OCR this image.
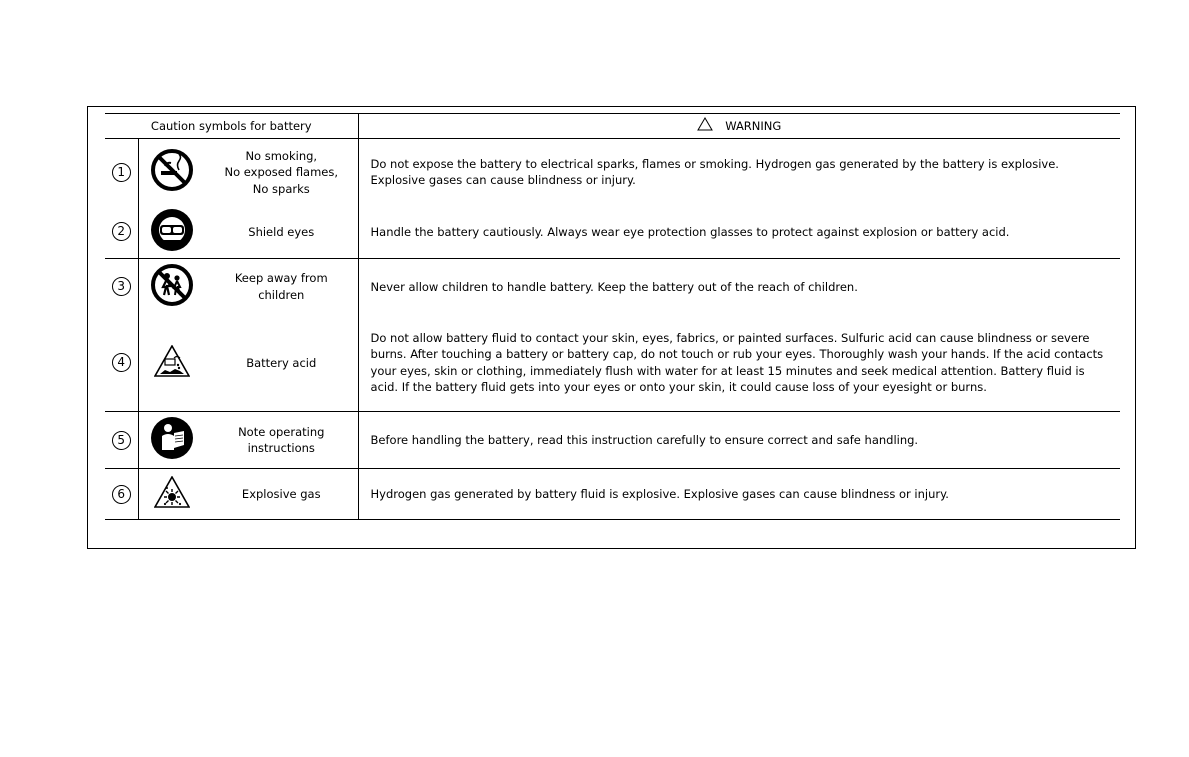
Caution symbols for battery			WARNING
1		No smoking,
No exposed flames,
No sparks	Do not expose the battery to electrical sparks, flames or smoking. Hydrogen gas generated by the battery is explosive. Explosive gases can cause blindness or injury.
2		Shield eyes	Handle the battery cautiously. Always wear eye protection glasses to protect against explosion or battery acid.
3		Keep away from
children	Never allow children to handle battery. Keep the battery out of the reach of children.
4		Battery acid	Do not allow battery fluid to contact your skin, eyes, fabrics, or painted surfaces. Sulfuric acid can cause blindness or severe burns. After touching a battery or battery cap, do not touch or rub your eyes. Thoroughly wash your hands. If the acid contacts your eyes, skin or clothing, immediately flush with water for at least 15 minutes and seek medical attention. Battery fluid is acid. If the battery fluid gets into your eyes or onto your skin, it could cause loss of your eyesight or burns.
5		Note operating
instructions	Before handling the battery, read this instruction carefully to ensure correct and safe handling.
6		Explosive gas	Hydrogen gas generated by battery fluid is explosive. Explosive gases can cause blindness or injury.
